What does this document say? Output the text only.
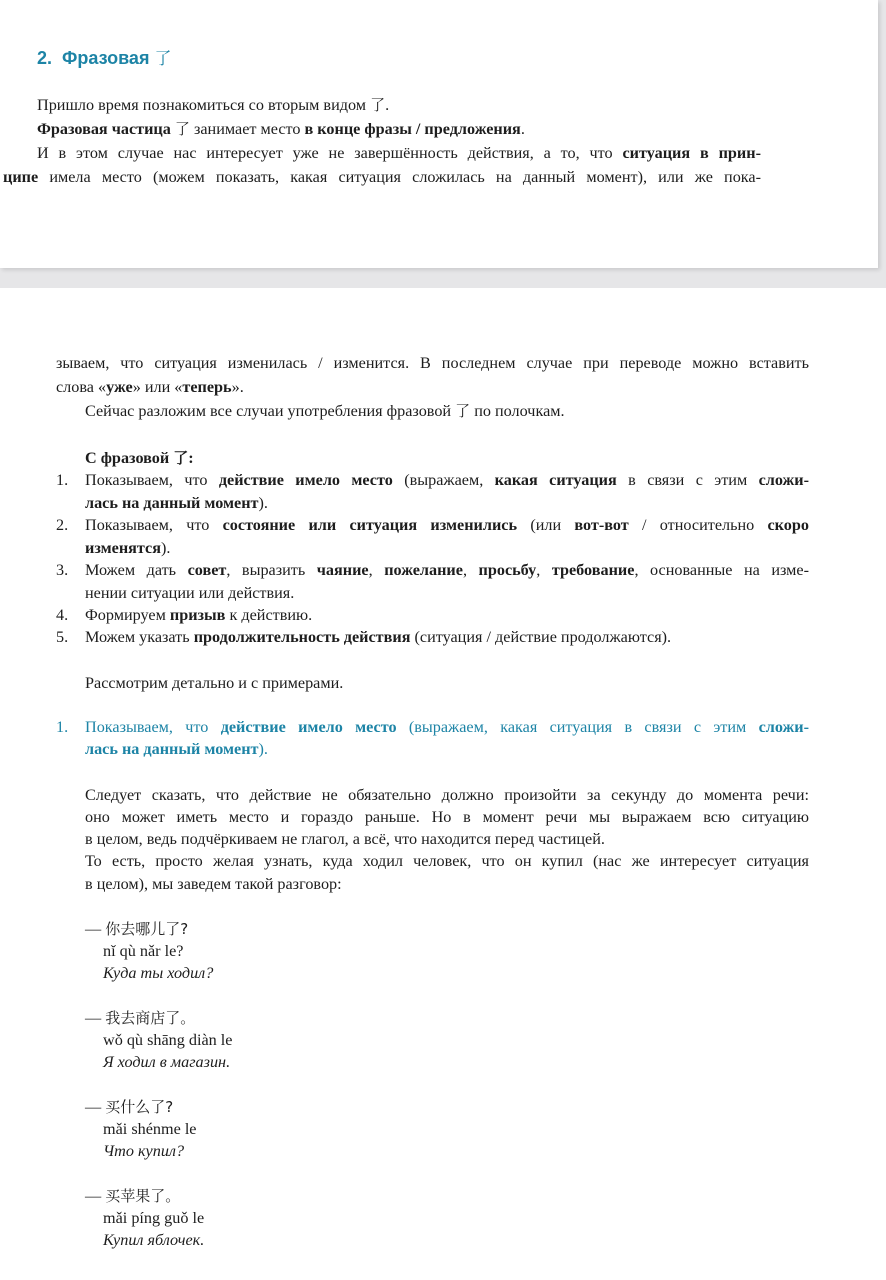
2. Фразовая 了
Пришло время познакомиться со вторым видом 了.
Фразовая частица 了 занимает место в конце фразы / предложения.
И в этом случае нас интересует уже не завершённость действия, а то, что ситуация в прин-
ципе имела место (можем показать, какая ситуация сложилась на данный момент), или же пока-
зываем, что ситуация изменилась / изменится. В последнем случае при переводе можно вставить
слова «уже» или «теперь».
Сейчас разложим все случаи употребления фразовой 了 по полочкам.
С фразовой 了:
1. Показываем, что действие имело место (выражаем, какая ситуация в связи с этим сложи-
лась на данный момент).
2. Показываем, что состояние или ситуация изменились (или вот-вот / относительно скоро
изменятся).
3. Можем дать совет, выразить чаяние, пожелание, просьбу, требование, основанные на изме-
нении ситуации или действия.
4. Формируем призыв к действию.
5. Можем указать продолжительность действия (ситуация / действие продолжаются).
Рассмотрим детально и с примерами.
1. Показываем, что действие имело место (выражаем, какая ситуация в связи с этим сложи-
лась на данный момент).
Следует сказать, что действие не обязательно должно произойти за секунду до момента речи:
оно может иметь место и гораздо раньше. Но в момент речи мы выражаем всю ситуацию
в целом, ведь подчёркиваем не глагол, а всё, что находится перед частицей.
То есть, просто желая узнать, куда ходил человек, что он купил (нас же интересует ситуация
в целом), мы заведем такой разговор:
— 你去哪儿了?
nǐ qù nǎr le?
Куда ты ходил?
— 我去商店了。
wǒ qù shāng diàn le
Я ходил в магазин.
— 买什么了?
mǎi shénme le
Что купил?
— 买苹果了。
mǎi píng guǒ le
Купил яблочек.
